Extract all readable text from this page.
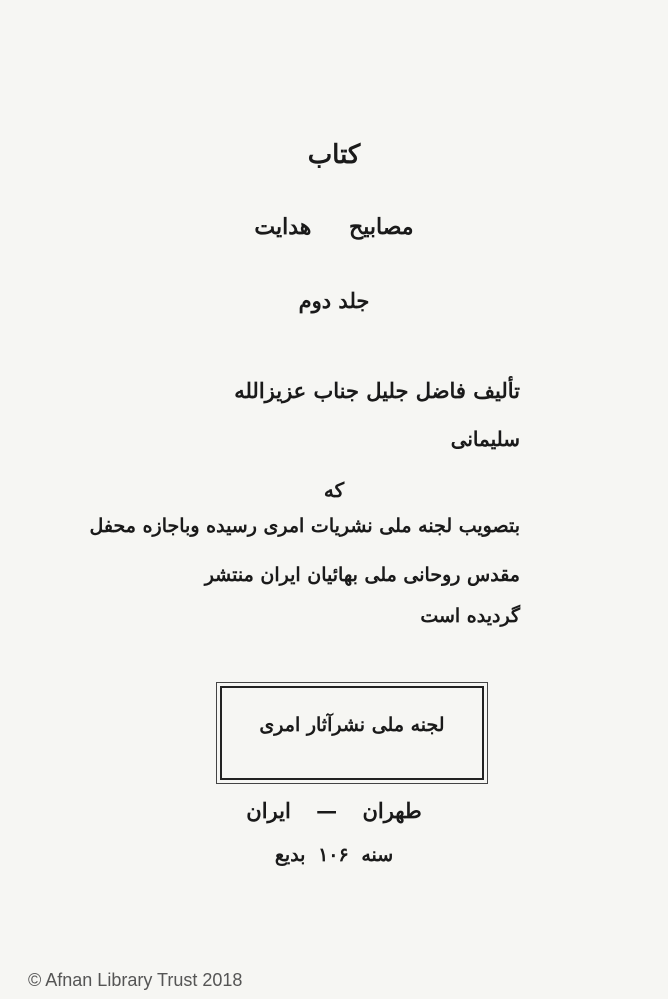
کتاب
مصابیح هدایت
جلد دوم
تألیف فاضل جلیل جناب عزیزالله
سلیمانی
که
بتصویب لجنه ملی نشریات امری رسیده وباجازه محفل
مقدس روحانی ملی بهائیان ایران منتشر
گردیده است
لجنه ملی نشرآثار امری
طهران — ایران
سنه ۱۰۶ بدیع
© Afnan Library Trust 2018
